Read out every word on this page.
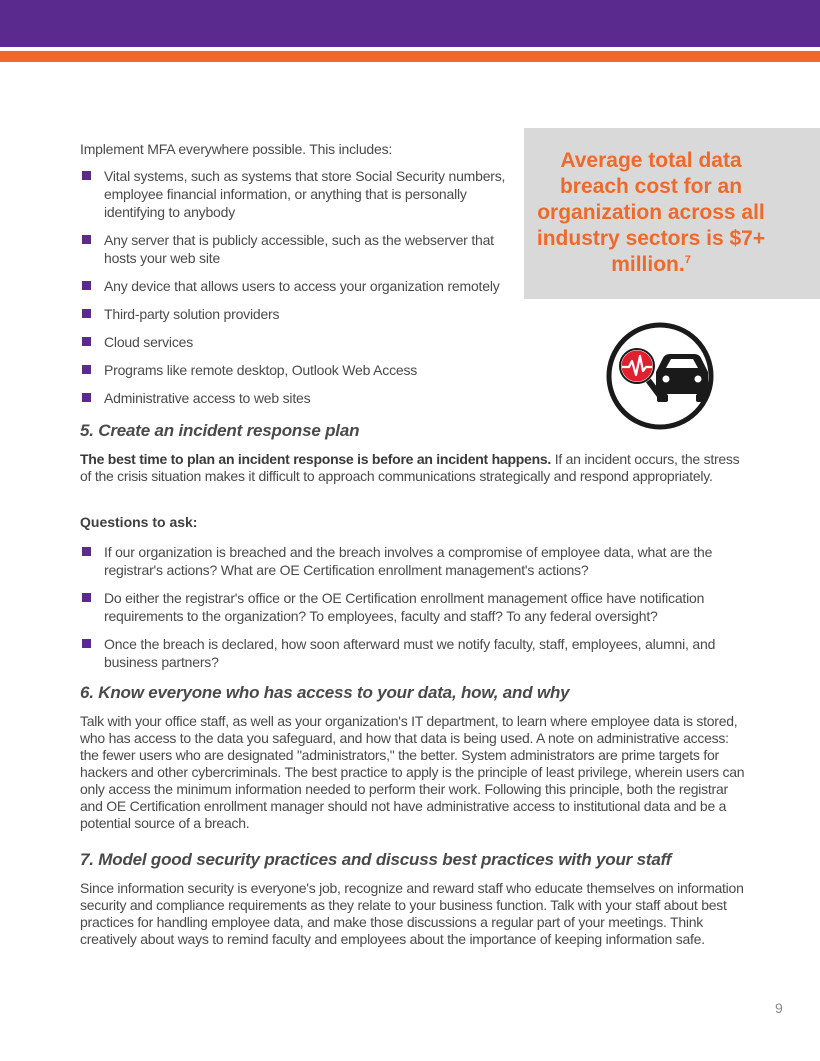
Implement MFA everywhere possible. This includes:
Vital systems, such as systems that store Social Security numbers, employee financial information, or anything that is personally identifying to anybody
Any server that is publicly accessible, such as the webserver that hosts your web site
Any device that allows users to access your organization remotely
Third-party solution providers
Cloud services
Programs like remote desktop, Outlook Web Access
Administrative access to web sites
Average total data breach cost for an organization across all industry sectors is $7+ million.$^7$
5. Create an incident response plan
The best time to plan an incident response is before an incident happens. If an incident occurs, the stress of the crisis situation makes it difficult to approach communications strategically and respond appropriately.
Questions to ask:
If our organization is breached and the breach involves a compromise of employee data, what are the registrar's actions? What are OE Certification enrollment management's actions?
Do either the registrar's office or the OE Certification enrollment management office have notification requirements to the organization? To employees, faculty and staff? To any federal oversight?
Once the breach is declared, how soon afterward must we notify faculty, staff, employees, alumni, and business partners?
6. Know everyone who has access to your data, how, and why
Talk with your office staff, as well as your organization's IT department, to learn where employee data is stored, who has access to the data you safeguard, and how that data is being used. A note on administrative access: the fewer users who are designated "administrators," the better. System administrators are prime targets for hackers and other cybercriminals. The best practice to apply is the principle of least privilege, wherein users can only access the minimum information needed to perform their work. Following this principle, both the registrar and OE Certification enrollment manager should not have administrative access to institutional data and be a potential source of a breach.
7. Model good security practices and discuss best practices with your staff
Since information security is everyone's job, recognize and reward staff who educate themselves on information security and compliance requirements as they relate to your business function. Talk with your staff about best practices for handling employee data, and make those discussions a regular part of your meetings. Think creatively about ways to remind faculty and employees about the importance of keeping information safe.
9
